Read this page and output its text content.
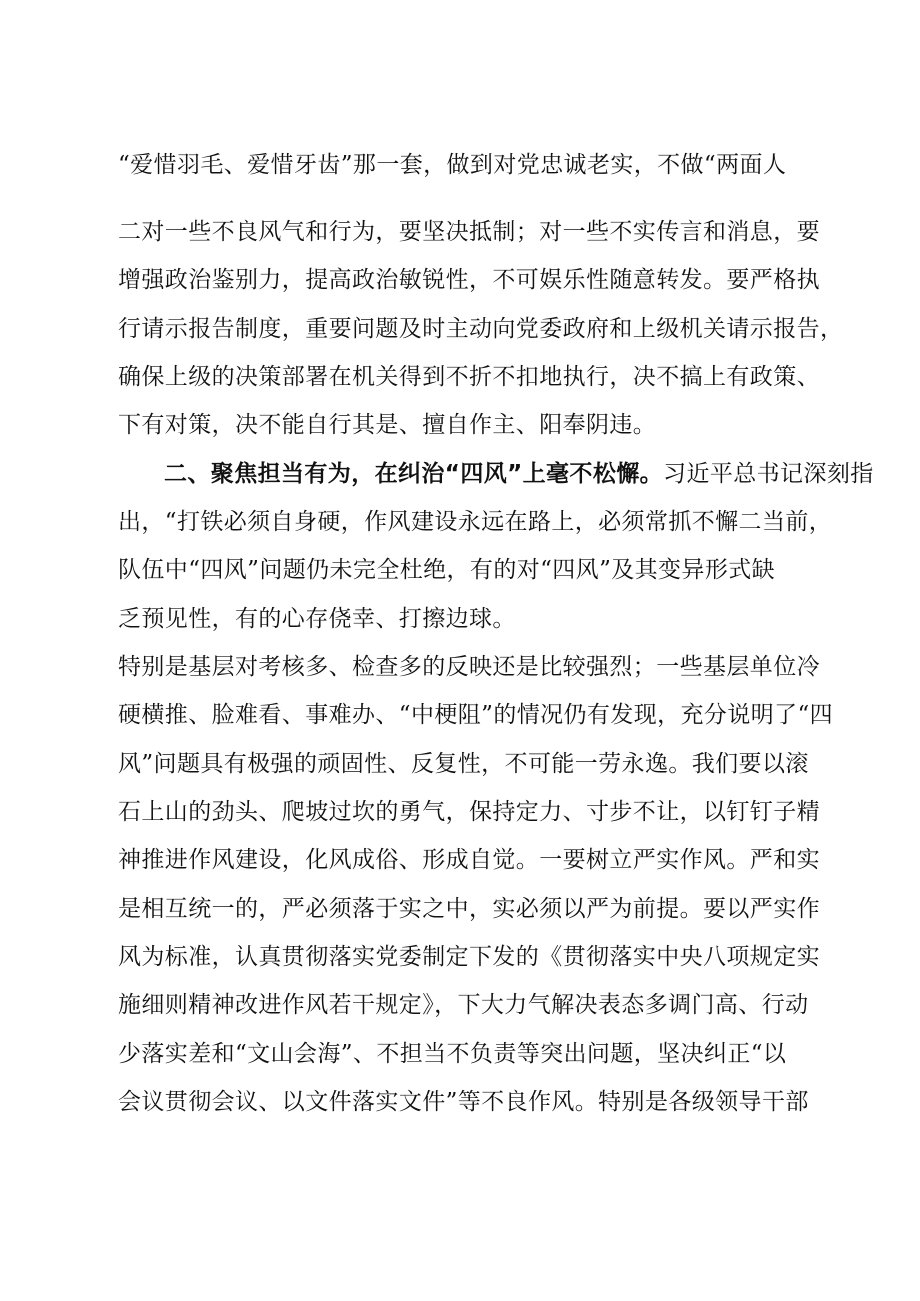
“爱惜羽毛、爱惜牙齿”那一套，做到对党忠诚老实，不做“两面人
二对一些不良风气和行为，要坚决抵制；对一些不实传言和消息，要
增强政治鉴别力，提高政治敏锐性，不可娱乐性随意转发。要严格执
行请示报告制度，重要问题及时主动向党委政府和上级机关请示报告，
确保上级的决策部署在机关得到不折不扣地执行，决不搞上有政策、
下有对策，决不能自行其是、擅自作主、阳奉阴违。
二、聚焦担当有为，在纠治“四风”上毫不松懈。习近平总书记深刻指
出，“打铁必须自身硬，作风建设永远在路上，必须常抓不懈二当前，
队伍中“四风”问题仍未完全杜绝，有的对“四风”及其变异形式缺
乏预见性，有的心存侥幸、打擦边球。
特别是基层对考核多、检查多的反映还是比较强烈；一些基层单位冷
硬横推、脸难看、事难办、“中梗阻”的情况仍有发现，充分说明了“四
风”问题具有极强的顽固性、反复性，不可能一劳永逸。我们要以滚
石上山的劲头、爬坡过坎的勇气，保持定力、寸步不让，以钉钉子精
神推进作风建设，化风成俗、形成自觉。一要树立严实作风。严和实
是相互统一的，严必须落于实之中，实必须以严为前提。要以严实作
风为标准，认真贯彻落实党委制定下发的《贯彻落实中央八项规定实
施细则精神改进作风若干规定》，下大力气解决表态多调门高、行动
少落实差和“文山会海”、不担当不负责等突出问题，坚决纠正“以
会议贯彻会议、以文件落实文件”等不良作风。特别是各级领导干部
